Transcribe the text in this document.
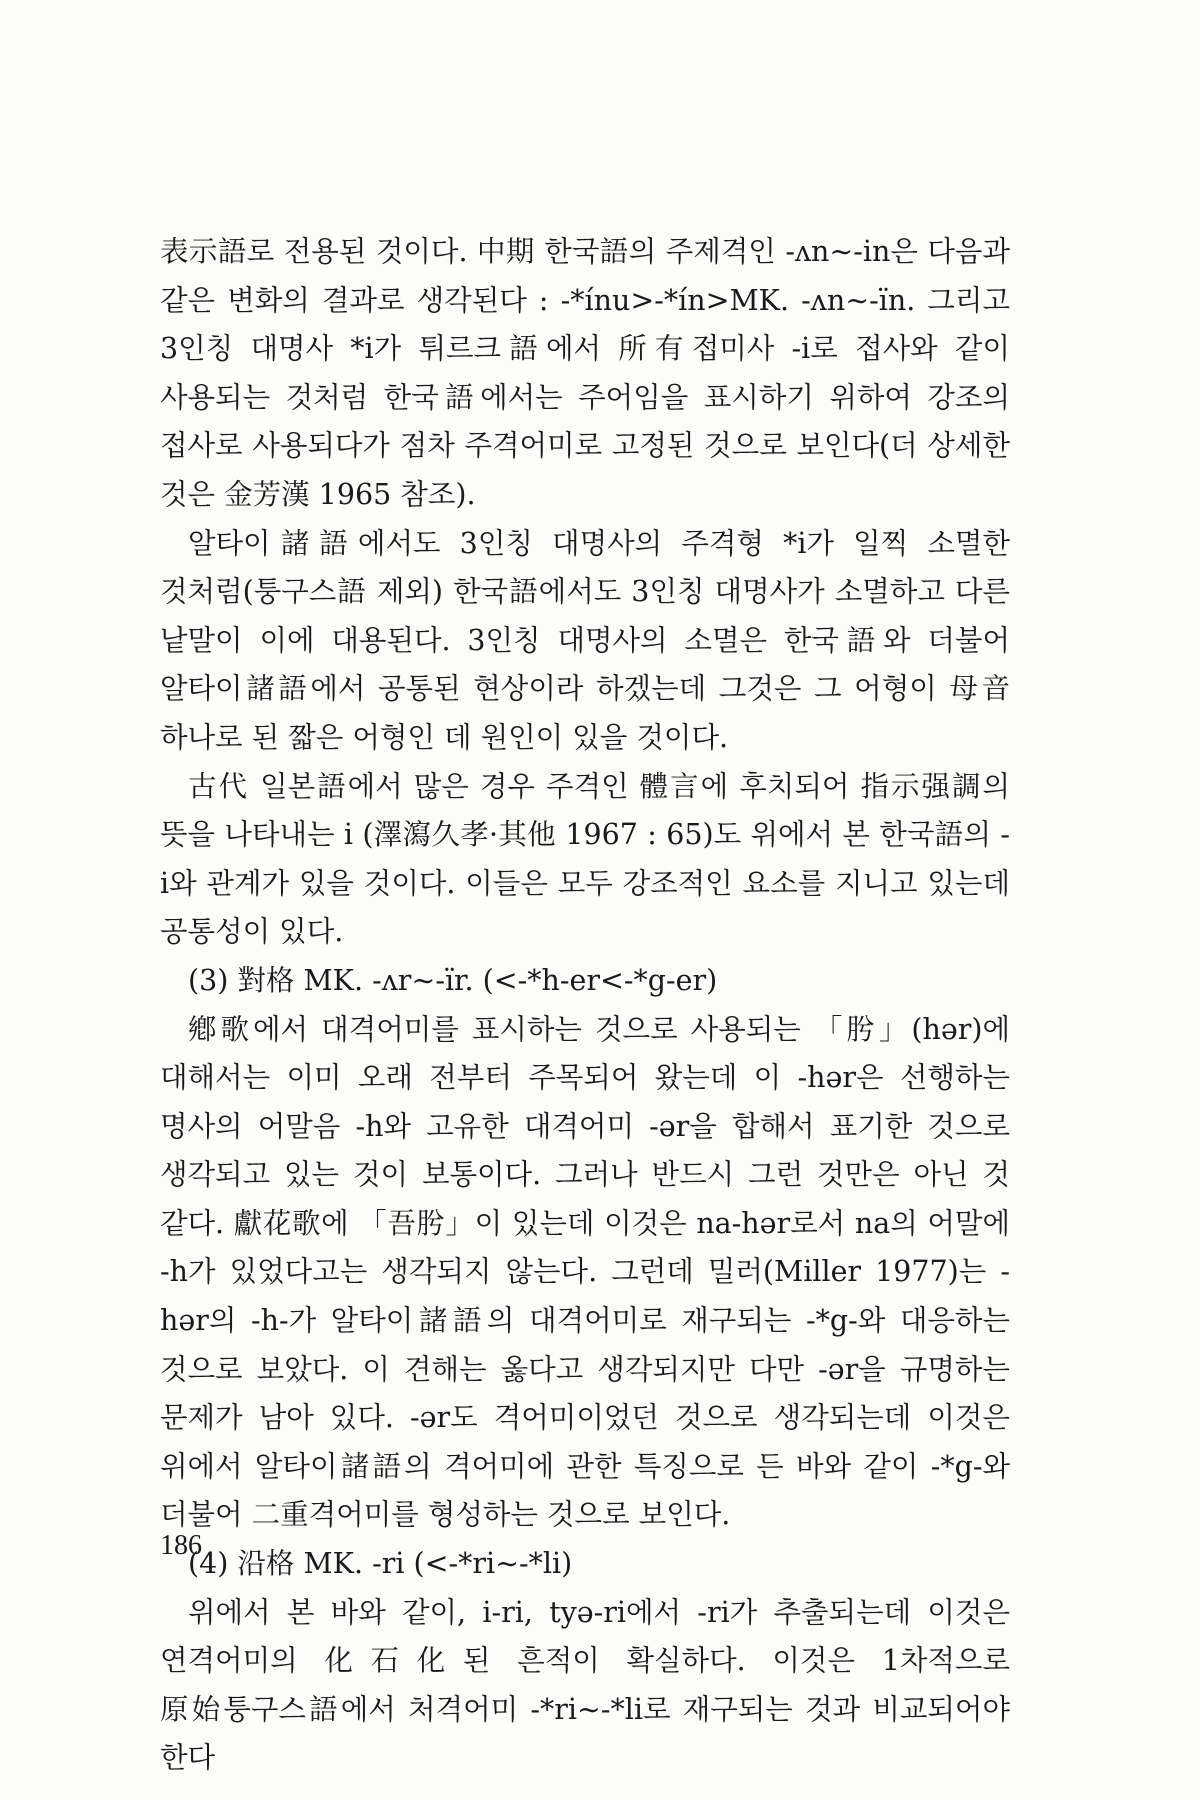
表示語로 전용된 것이다. 中期 한국語의 주제격인 -ʌn∼-in은 다음과 같은 변화의 결과로 생각된다 : -*ínu>-*ín>MK. -ʌn∼-ïn. 그리고 3인칭 대명사 *i가 튀르크語에서 所有접미사 -i로 접사와 같이 사용되는 것처럼 한국語에서는 주어임을 표시하기 위하여 강조의 접사로 사용되다가 점차 주격어미로 고정된 것으로 보인다(더 상세한 것은 金芳漢 1965 참조).

알타이諸語에서도 3인칭 대명사의 주격형 *i가 일찍 소멸한 것처럼(퉁구스語 제외) 한국語에서도 3인칭 대명사가 소멸하고 다른 낱말이 이에 대용된다. 3인칭 대명사의 소멸은 한국語와 더불어 알타이諸語에서 공통된 현상이라 하겠는데 그것은 그 어형이 母音 하나로 된 짧은 어형인 데 원인이 있을 것이다.

古代 일본語에서 많은 경우 주격인 體言에 후치되어 指示强調의 뜻을 나타내는 i (澤瀉久孝·其他 1967 : 65)도 위에서 본 한국語의 -i와 관계가 있을 것이다. 이들은 모두 강조적인 요소를 지니고 있는데 공통성이 있다.

(3) 對格 MK. -ʌr∼-ïr. (<-*h-er<-*g-er)

鄕歌에서 대격어미를 표시하는 것으로 사용되는 「肹」(hər)에 대해서는 이미 오래 전부터 주목되어 왔는데 이 -hər은 선행하는 명사의 어말음 -h와 고유한 대격어미 -ər을 합해서 표기한 것으로 생각되고 있는 것이 보통이다. 그러나 반드시 그런 것만은 아닌 것 같다. 獻花歌에 「吾肹」이 있는데 이것은 na-hər로서 na의 어말에 -h가 있었다고는 생각되지 않는다. 그런데 밀러(Miller 1977)는 -hər의 -h-가 알타이諸語의 대격어미로 재구되는 -*g-와 대응하는 것으로 보았다. 이 견해는 옳다고 생각되지만 다만 -ər을 규명하는 문제가 남아 있다. -ər도 격어미이었던 것으로 생각되는데 이것은 위에서 알타이諸語의 격어미에 관한 특징으로 든 바와 같이 -*g-와 더불어 二重격어미를 형성하는 것으로 보인다.

(4) 沿格 MK. -ri (<-*ri∼-*li)

위에서 본 바와 같이, i-ri, tyə-ri에서 -ri가 추출되는데 이것은 연격어미의 化石化된 흔적이 확실하다. 이것은 1차적으로 原始퉁구스語에서 처격어미 -*ri∼-*li로 재구되는 것과 비교되어야 한다

186
